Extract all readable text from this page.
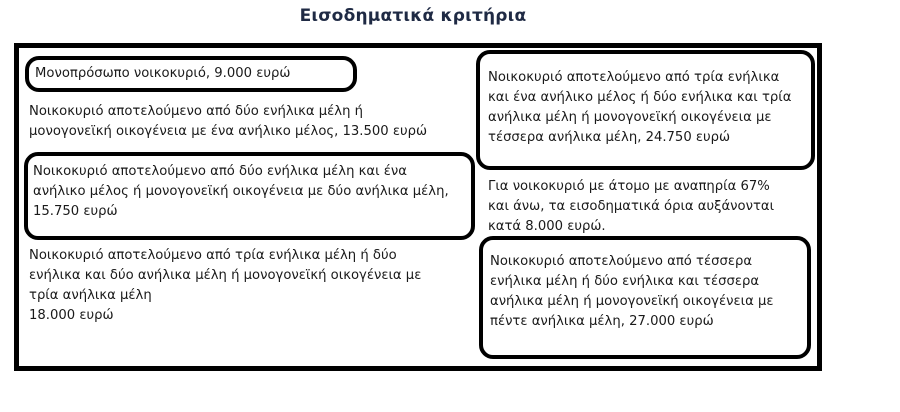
Εισοδηματικά κριτήρια
Μονοπρόσωπο νοικοκυριό, 9.000 ευρώ
Νοικοκυριό αποτελούμενο από δύο ενήλικα μέλη ή
μονογονεϊκή οικογένεια με ένα ανήλικο μέλος, 13.500 ευρώ
Νοικοκυριό αποτελούμενο από δύο ενήλικα μέλη και ένα
ανήλικο μέλος ή μονογονεϊκή οικογένεια με δύο ανήλικα μέλη,
15.750 ευρώ
Νοικοκυριό αποτελούμενο από τρία ενήλικα μέλη ή δύο
ενήλικα και δύο ανήλικα μέλη ή μονογονεϊκή οικογένεια με
τρία ανήλικα μέλη
18.000 ευρώ
Νοικοκυριό αποτελούμενο από τρία ενήλικα
και ένα ανήλικο μέλος ή δύο ενήλικα και τρία
ανήλικα μέλη ή μονογονεϊκή οικογένεια με
τέσσερα ανήλικα μέλη, 24.750 ευρώ
Για νοικοκυριό με άτομο με αναπηρία 67%
και άνω, τα εισοδηματικά όρια αυξάνονται
κατά 8.000 ευρώ.
Νοικοκυριό αποτελούμενο από τέσσερα
ενήλικα μέλη ή δύο ενήλικα και τέσσερα
ανήλικα μέλη ή μονογονεϊκή οικογένεια με
πέντε ανήλικα μέλη, 27.000 ευρώ
